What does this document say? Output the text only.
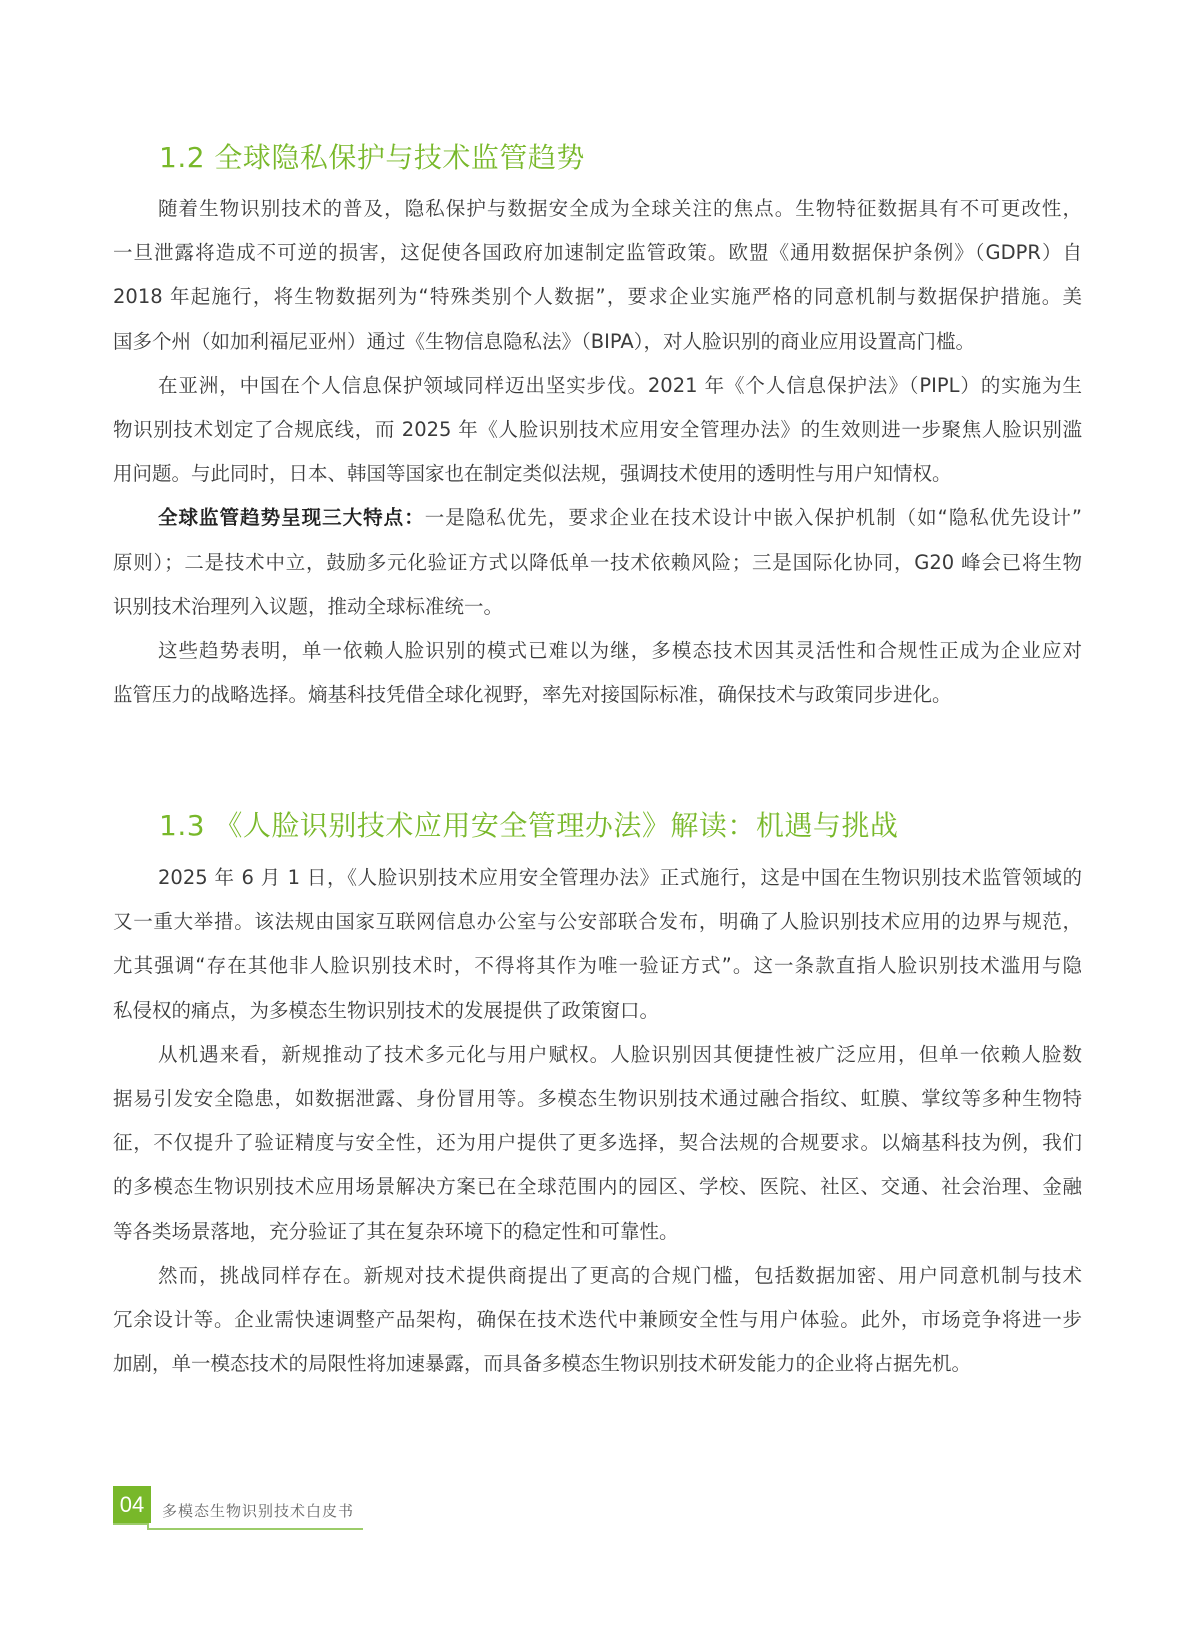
1.2 全球隐私保护与技术监管趋势
随着生物识别技术的普及，隐私保护与数据安全成为全球关注的焦点。生物特征数据具有不可更改性，
一旦泄露将造成不可逆的损害，这促使各国政府加速制定监管政策。欧盟《通用数据保护条例》（GDPR）自
2018 年起施行，将生物数据列为“特殊类别个人数据”，要求企业实施严格的同意机制与数据保护措施。美
国多个州（如加利福尼亚州）通过《生物信息隐私法》（BIPA），对人脸识别的商业应用设置高门槛。
在亚洲，中国在个人信息保护领域同样迈出坚实步伐。2021 年《个人信息保护法》（PIPL）的实施为生
物识别技术划定了合规底线，而 2025 年《人脸识别技术应用安全管理办法》的生效则进一步聚焦人脸识别滥
用问题。与此同时，日本、韩国等国家也在制定类似法规，强调技术使用的透明性与用户知情权。
全球监管趋势呈现三大特点：一是隐私优先，要求企业在技术设计中嵌入保护机制（如“隐私优先设计”
原则）；二是技术中立，鼓励多元化验证方式以降低单一技术依赖风险；三是国际化协同，G20 峰会已将生物
识别技术治理列入议题，推动全球标准统一。
这些趋势表明，单一依赖人脸识别的模式已难以为继，多模态技术因其灵活性和合规性正成为企业应对
监管压力的战略选择。熵基科技凭借全球化视野，率先对接国际标准，确保技术与政策同步进化。
1.3 《人脸识别技术应用安全管理办法》解读：机遇与挑战
2025 年 6 月 1 日，《人脸识别技术应用安全管理办法》正式施行，这是中国在生物识别技术监管领域的
又一重大举措。该法规由国家互联网信息办公室与公安部联合发布，明确了人脸识别技术应用的边界与规范，
尤其强调“存在其他非人脸识别技术时，不得将其作为唯一验证方式”。这一条款直指人脸识别技术滥用与隐
私侵权的痛点，为多模态生物识别技术的发展提供了政策窗口。
从机遇来看，新规推动了技术多元化与用户赋权。人脸识别因其便捷性被广泛应用，但单一依赖人脸数
据易引发安全隐患，如数据泄露、身份冒用等。多模态生物识别技术通过融合指纹、虹膜、掌纹等多种生物特
征，不仅提升了验证精度与安全性，还为用户提供了更多选择，契合法规的合规要求。以熵基科技为例，我们
的多模态生物识别技术应用场景解决方案已在全球范围内的园区、学校、医院、社区、交通、社会治理、金融
等各类场景落地，充分验证了其在复杂环境下的稳定性和可靠性。
然而，挑战同样存在。新规对技术提供商提出了更高的合规门槛，包括数据加密、用户同意机制与技术
冗余设计等。企业需快速调整产品架构，确保在技术迭代中兼顾安全性与用户体验。此外，市场竞争将进一步
加剧，单一模态技术的局限性将加速暴露，而具备多模态生物识别技术研发能力的企业将占据先机。
04	多模态生物识别技术白皮书
